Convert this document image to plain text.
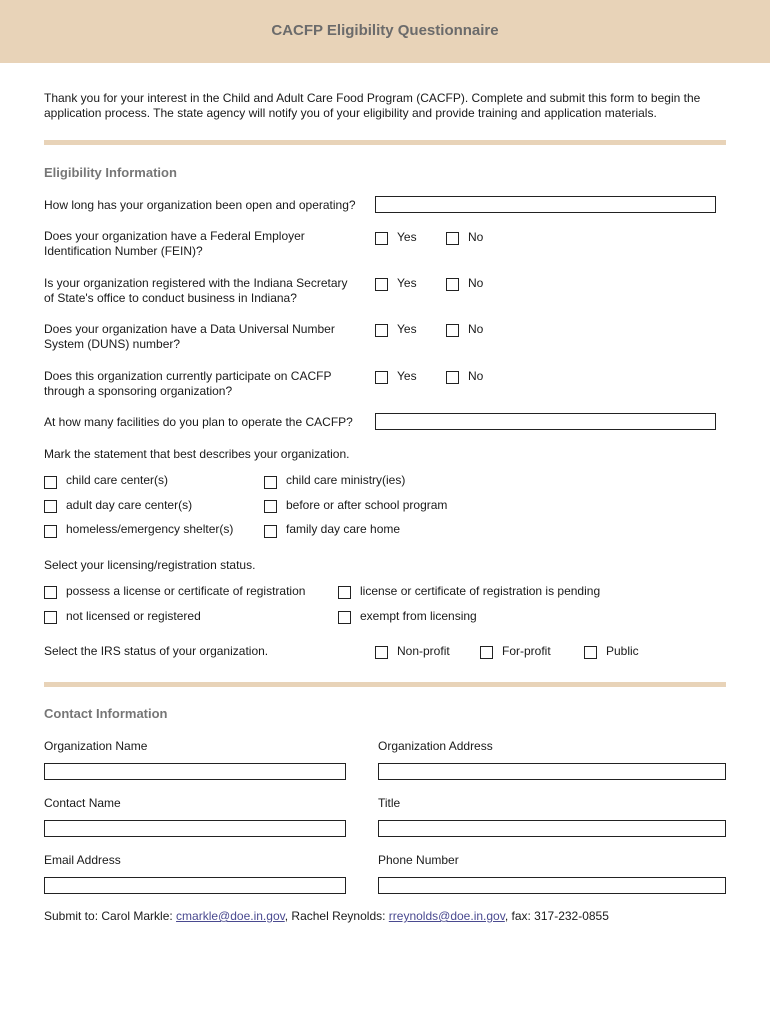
CACFP Eligibility Questionnaire
Thank you for your interest in the Child and Adult Care Food Program (CACFP). Complete and submit this form to begin the application process. The state agency will notify you of your eligibility and provide training and application materials.
Eligibility Information
How long has your organization been open and operating?
Does your organization have a Federal Employer Identification Number (FEIN)?
Yes	No
Is your organization registered with the Indiana Secretary of State's office to conduct business in Indiana?
Yes	No
Does your organization have a Data Universal Number System (DUNS) number?
Yes	No
Does this organization currently participate on CACFP through a sponsoring organization?
Yes	No
At how many facilities do you plan to operate the CACFP?
Mark the statement that best describes your organization.
child care center(s)	child care ministry(ies)
adult day care center(s)	before or after school program
homeless/emergency shelter(s)	family day care home
Select your licensing/registration status.
possess a license or certificate of registration	license or certificate of registration is pending
not licensed or registered	exempt from licensing
Select the IRS status of your organization.	Non-profit	For-profit	Public
Contact Information
Organization Name	Organization Address
Contact Name	Title
Email Address	Phone Number
Submit to: Carol Markle: cmarkle@doe.in.gov, Rachel Reynolds: rreynolds@doe.in.gov, fax: 317-232-0855
